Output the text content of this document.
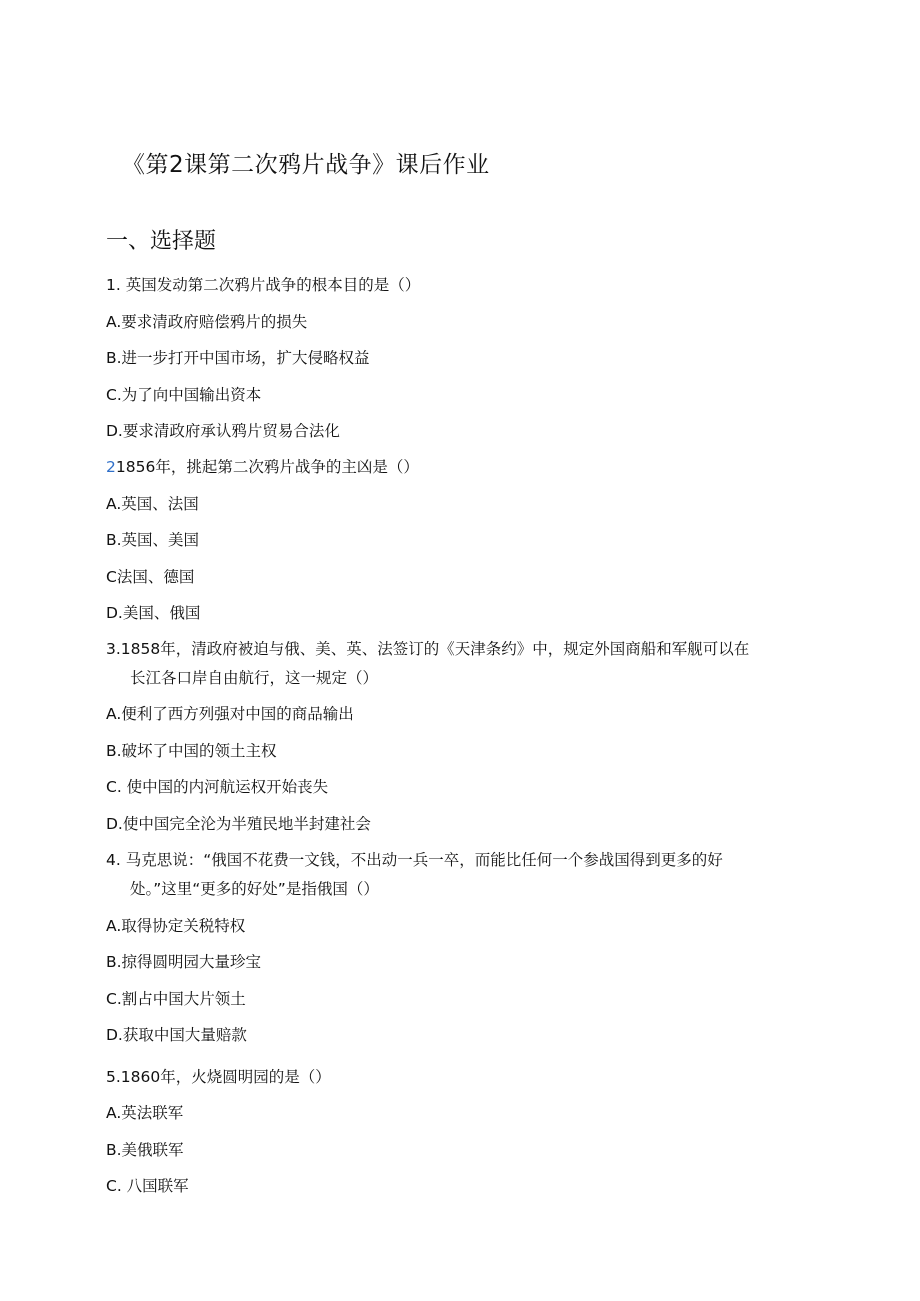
《第2课第二次鸦片战争》课后作业
一、选择题

1. 英国发动第二次鸦片战争的根本目的是（）

A.要求清政府赔偿鸦片的损失

B.进一步打开中国市场，扩大侵略权益

C.为了向中国输出资本

D.要求清政府承认鸦片贸易合法化

21856年，挑起第二次鸦片战争的主凶是（）

A.英国、法国

B.英国、美国

C法国、德国

D.美国、俄国

3.1858年，清政府被迫与俄、美、英、法签订的《天津条约》中，规定外国商船和军舰可以在

长江各口岸自由航行，这一规定（）

A.便利了西方列强对中国的商品输出

B.破坏了中国的领土主权

C. 使中国的内河航运权开始丧失

D.使中国完全沦为半殖民地半封建社会

4. 马克思说：“俄国不花费一文钱，不出动一兵一卒，而能比任何一个参战国得到更多的好

处。”这里“更多的好处”是指俄国（）

A.取得协定关税特权

B.掠得圆明园大量珍宝

C.割占中国大片领土

D.获取中国大量赔款

5.1860年，火烧圆明园的是（）

A.英法联军

B.美俄联军

C. 八国联军
